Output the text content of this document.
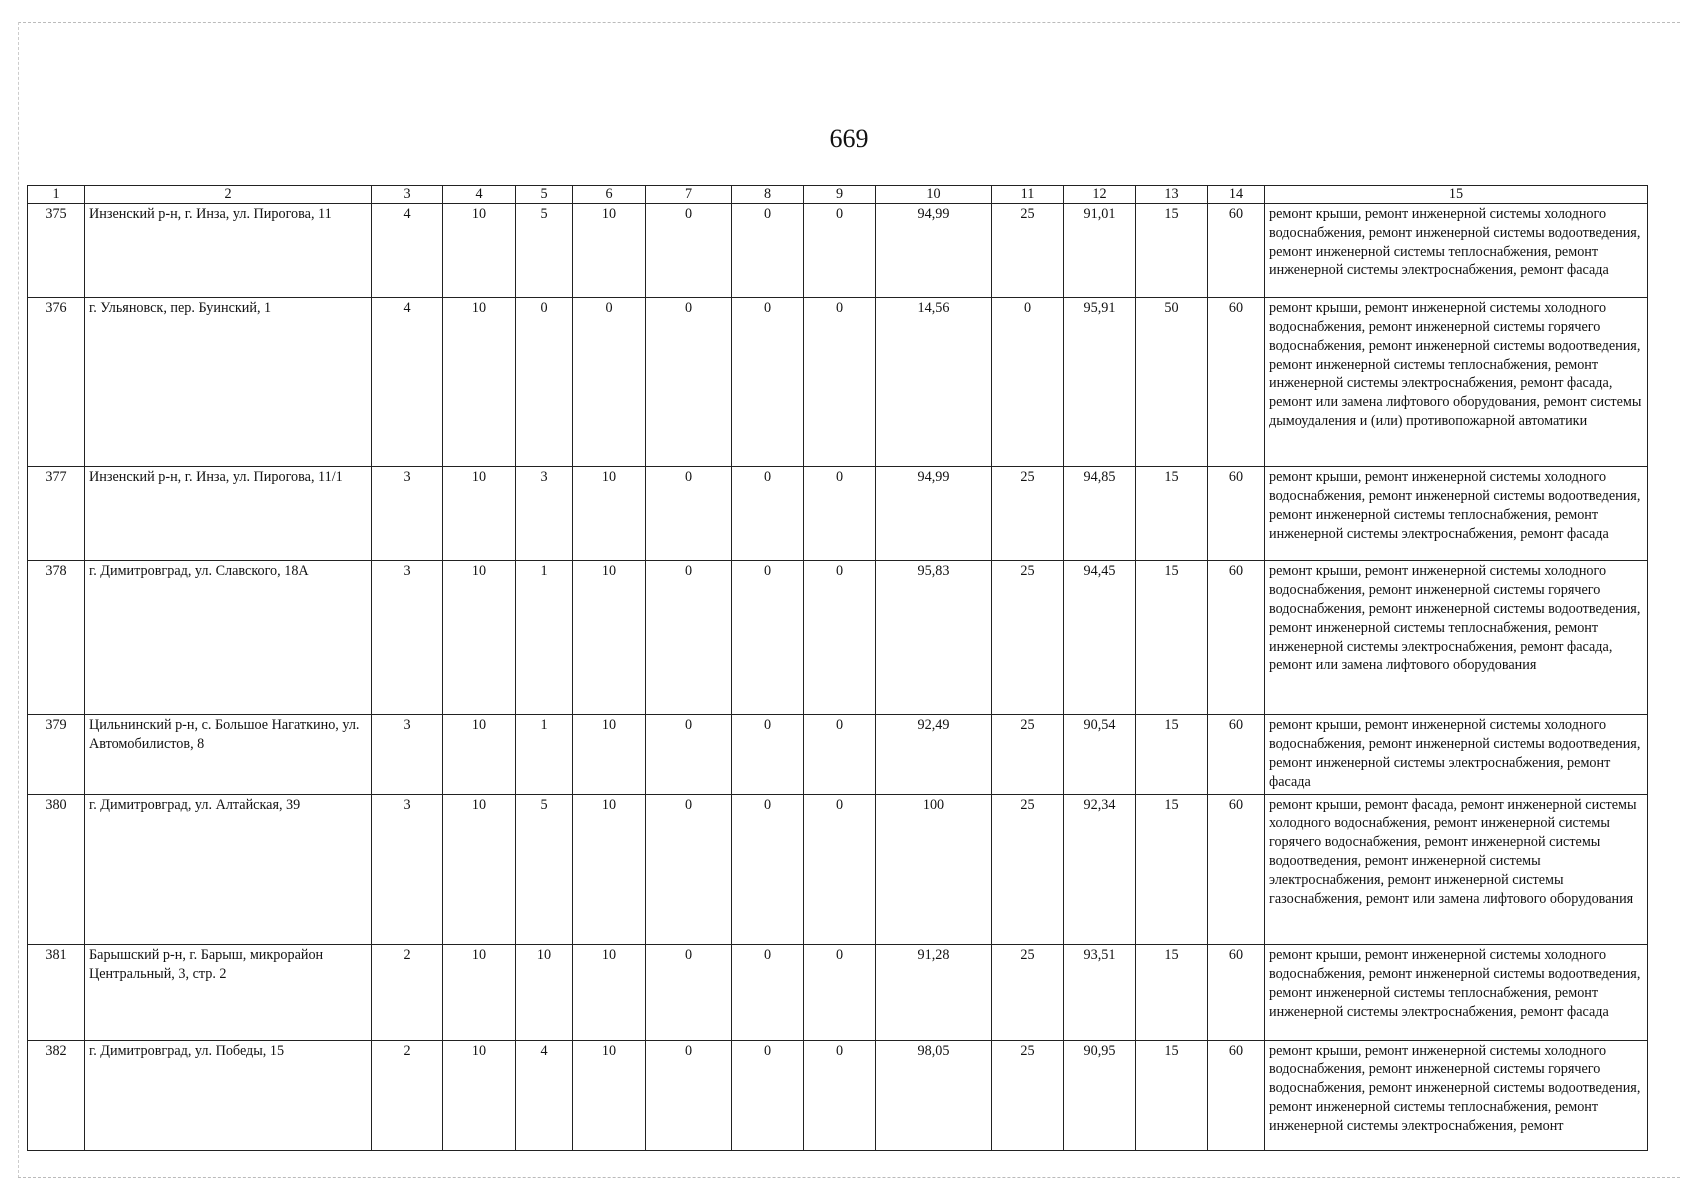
669
1	2	3	4	5	6	7	8	9	10	11	12	13	14	15
375	Инзенский р-н, г. Инза, ул. Пирогова, 11	4	10	5	10	0	0	0	94,99	25	91,01	15	60	ремонт крыши, ремонт инженерной системы холодного водоснабжения, ремонт инженерной системы водоотведения, ремонт инженерной системы теплоснабжения, ремонт инженерной системы электроснабжения, ремонт фасада
376	г. Ульяновск, пер. Буинский, 1	4	10	0	0	0	0	0	14,56	0	95,91	50	60	ремонт крыши, ремонт инженерной системы холодного водоснабжения, ремонт инженерной системы горячего водоснабжения, ремонт инженерной системы водоотведения, ремонт инженерной системы теплоснабжения, ремонт инженерной системы электроснабжения, ремонт фасада, ремонт или замена лифтового оборудования, ремонт системы дымоудаления и (или) противопожарной автоматики
377	Инзенский р-н, г. Инза, ул. Пирогова, 11/1	3	10	3	10	0	0	0	94,99	25	94,85	15	60	ремонт крыши, ремонт инженерной системы холодного водоснабжения, ремонт инженерной системы водоотведения, ремонт инженерной системы теплоснабжения, ремонт инженерной системы электроснабжения, ремонт фасада
378	г. Димитровград, ул. Славского, 18А	3	10	1	10	0	0	0	95,83	25	94,45	15	60	ремонт крыши, ремонт инженерной системы холодного водоснабжения, ремонт инженерной системы горячего водоснабжения, ремонт инженерной системы водоотведения, ремонт инженерной системы теплоснабжения, ремонт инженерной системы электроснабжения, ремонт фасада, ремонт или замена лифтового оборудования
379	Цильнинский р-н, с. Большое Нагаткино, ул. Автомобилистов, 8	3	10	1	10	0	0	0	92,49	25	90,54	15	60	ремонт крыши, ремонт инженерной системы холодного водоснабжения, ремонт инженерной системы водоотведения, ремонт инженерной системы электроснабжения, ремонт фасада
380	г. Димитровград, ул. Алтайская, 39	3	10	5	10	0	0	0	100	25	92,34	15	60	ремонт крыши, ремонт фасада, ремонт инженерной системы холодного водоснабжения, ремонт инженерной системы горячего водоснабжения, ремонт инженерной системы водоотведения, ремонт инженерной системы электроснабжения, ремонт инженерной системы газоснабжения, ремонт или замена лифтового оборудования
381	Барышский р-н, г. Барыш, микрорайон Центральный, 3, стр. 2	2	10	10	10	0	0	0	91,28	25	93,51	15	60	ремонт крыши, ремонт инженерной системы холодного водоснабжения, ремонт инженерной системы водоотведения, ремонт инженерной системы теплоснабжения, ремонт инженерной системы электроснабжения, ремонт фасада
382	г. Димитровград, ул. Победы, 15	2	10	4	10	0	0	0	98,05	25	90,95	15	60	ремонт крыши, ремонт инженерной системы холодного водоснабжения, ремонт инженерной системы горячего водоснабжения, ремонт инженерной системы водоотведения, ремонт инженерной системы теплоснабжения, ремонт инженерной системы электроснабжения, ремонт
